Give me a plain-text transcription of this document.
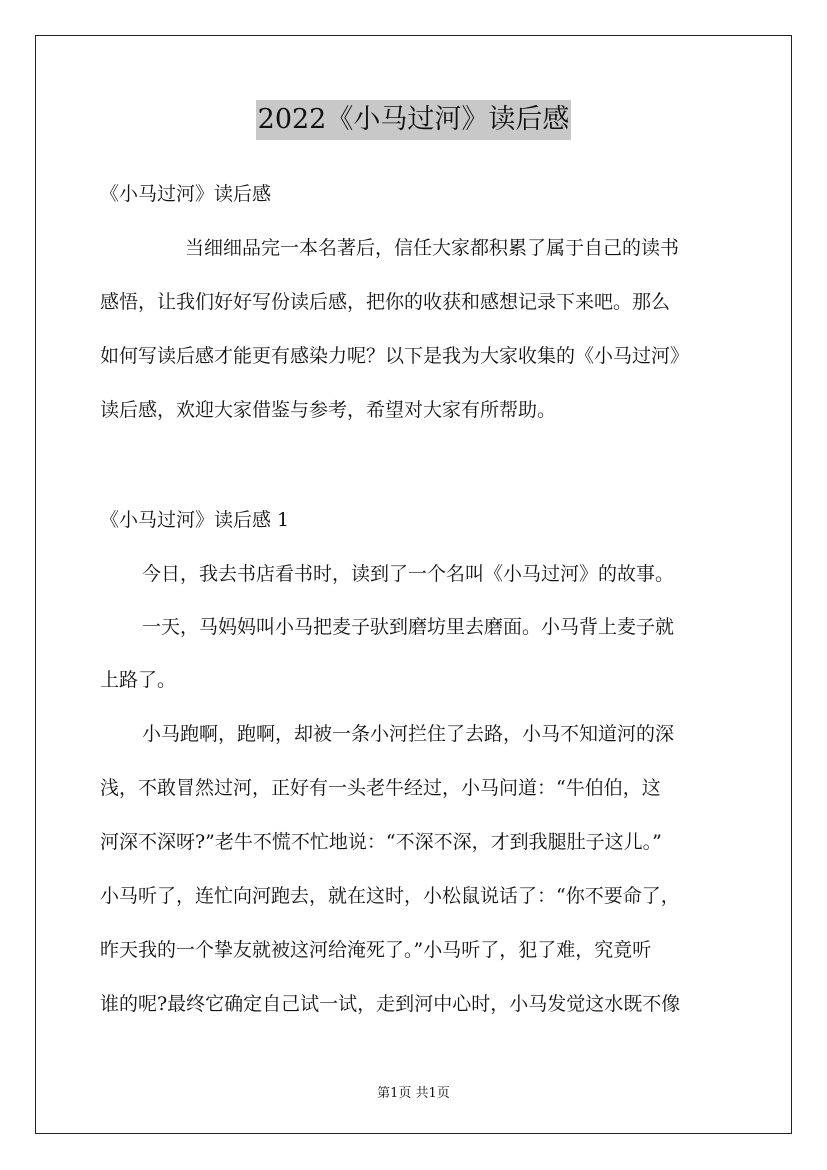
2022《小马过河》读后感
《小马过河》读后感
当细细品完一本名著后，信任大家都积累了属于自己的读书
感悟，让我们好好写份读后感，把你的收获和感想记录下来吧。那么
如何写读后感才能更有感染力呢？以下是我为大家收集的《小马过河》
读后感，欢迎大家借鉴与参考，希望对大家有所帮助。
《小马过河》读后感 1
今日，我去书店看书时，读到了一个名叫《小马过河》的故事。
一天，马妈妈叫小马把麦子驮到磨坊里去磨面。小马背上麦子就
上路了。
小马跑啊，跑啊，却被一条小河拦住了去路，小马不知道河的深
浅，不敢冒然过河，正好有一头老牛经过，小马问道：“牛伯伯，这
河深不深呀?”老牛不慌不忙地说：“不深不深，才到我腿肚子这儿。”
小马听了，连忙向河跑去，就在这时，小松鼠说话了：“你不要命了，
昨天我的一个挚友就被这河给淹死了。”小马听了，犯了难，究竟听
谁的呢?最终它确定自己试一试，走到河中心时，小马发觉这水既不像
第1页 共1页
